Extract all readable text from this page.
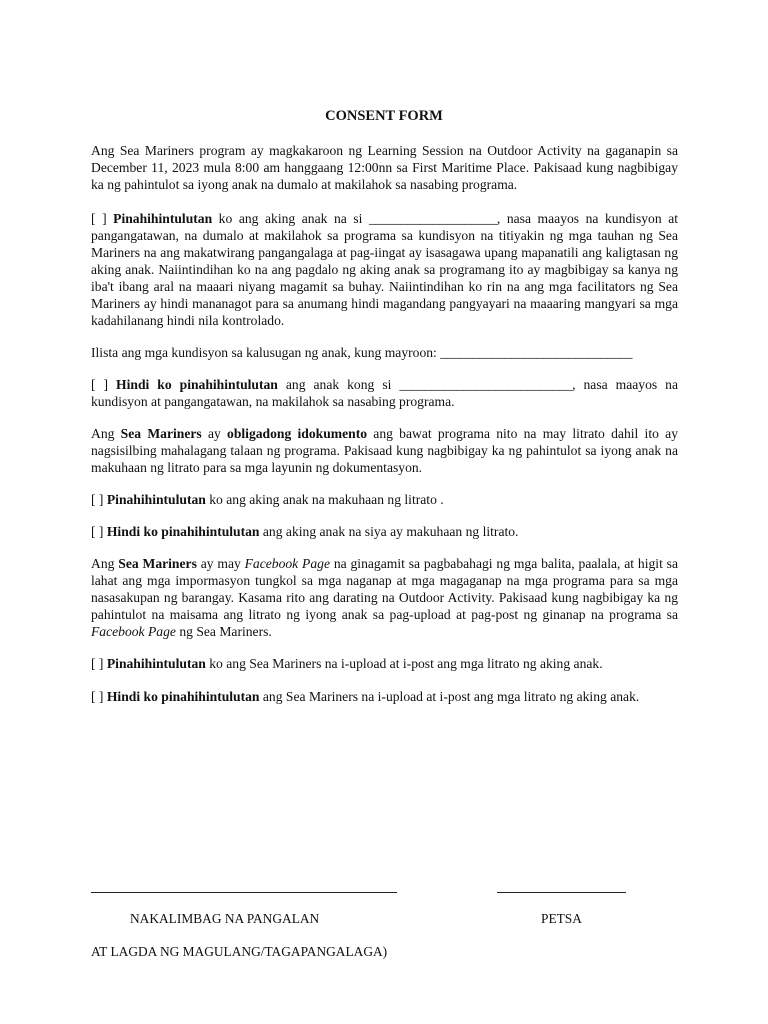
CONSENT FORM

Ang Sea Mariners program ay magkakaroon ng Learning Session na Outdoor Activity na gaganapin sa December 11, 2023 mula 8:00 am hanggaang 12:00nn sa First Maritime Place. Pakisaad kung nagbibigay ka ng pahintulot sa iyong anak na dumalo at makilahok sa nasabing programa.

[ ] Pinahihintulutan ko ang aking anak na si ____________________, nasa maayos na kundisyon at pangangatawan, na dumalo at makilahok sa programa sa kundisyon na titiyakin ng mga tauhan ng Sea Mariners na ang makatwirang pangangalaga at pag-iingat ay isasagawa upang mapanatili ang kaligtasan ng aking anak. Naiintindihan ko na ang pagdalo ng aking anak sa programang ito ay magbibigay sa kanya ng iba't ibang aral na maaari niyang magamit sa buhay. Naiintindihan ko rin na ang mga facilitators ng Sea Mariners ay hindi mananagot para sa anumang hindi magandang pangyayari na maaaring mangyari sa mga kadahilanang hindi nila kontrolado.

Ilista ang mga kundisyon sa kalusugan ng anak, kung mayroon: ______________________________

[ ] Hindi ko pinahihintulutan ang anak kong si ___________________________, nasa maayos na kundisyon at pangangatawan, na makilahok sa nasabing programa.

Ang Sea Mariners ay obligadong idokumento ang bawat programa nito na may litrato dahil ito ay nagsisilbing mahalagang talaan ng programa. Pakisaad kung nagbibigay ka ng pahintulot sa iyong anak na makuhaan ng litrato para sa mga layunin ng dokumentasyon.

[ ] Pinahihintulutan ko ang aking anak na makuhaan ng litrato .

[ ] Hindi ko pinahihintulutan ang aking anak na siya ay makuhaan ng litrato.

Ang Sea Mariners ay may Facebook Page na ginagamit sa pagbabahagi ng mga balita, paalala, at higit sa lahat ang mga impormasyon tungkol sa mga naganap at mga magaganap na mga programa para sa mga nasasakupan ng barangay. Kasama rito ang darating na Outdoor Activity. Pakisaad kung nagbibigay ka ng pahintulot na maisama ang litrato ng iyong anak sa pag-upload at pag-post ng ginanap na programa sa Facebook Page ng Sea Mariners.

[ ] Pinahihintulutan ko ang Sea Mariners na i-upload at i-post ang mga litrato ng aking anak.

[ ] Hindi ko pinahihintulutan ang Sea Mariners na i-upload at i-post ang mga litrato ng aking anak.

NAKALIMBAG NA PANGALAN	PETSA
AT LAGDA NG MAGULANG/TAGAPANGALAGA)
